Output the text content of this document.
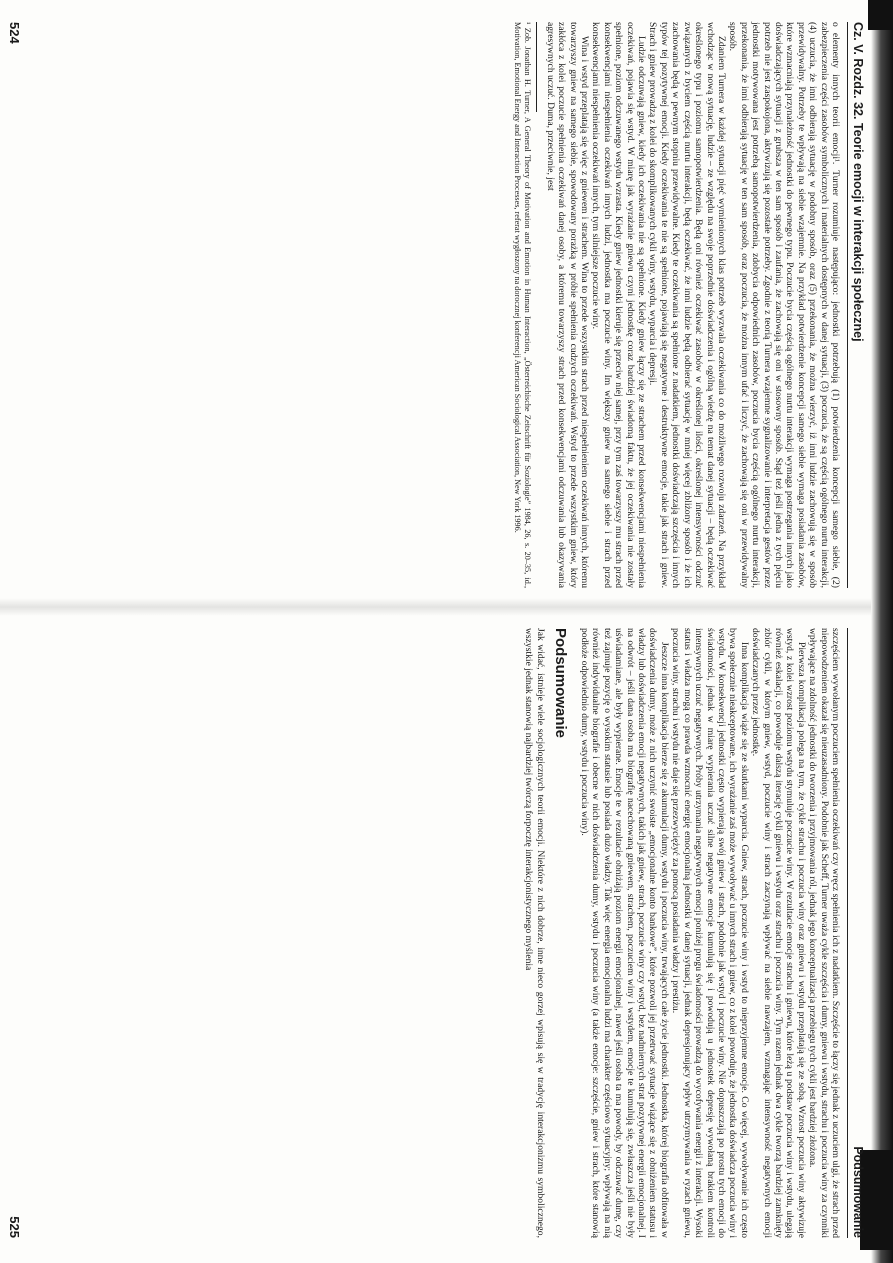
Cz. V. Rozdz. 32. Teorie emocji w interakcji społecznej

o elementy innych teorii emocji¹. Turner rozumiuje następująco: jednostki potrzebują (1) potwierdzenia koncepcji samego siebie, (2) zabezpieczenia części zasobów symbolicznych i materialnych dostępnych w danej sytuacji, (3) poczucia, że są częścią ogólnego nurtu interakcji, (4) uczucia, że inni odbierają sytuację w podobny sposób, oraz (5) przekonania, że można wierzyć, iż inni ludzie zachowują się w sposób przewidywalny. Potrzeby te wpływają na siebie wzajemnie. Na przykład potwierdzenie koncepcji samego siebie wymaga posiadania zasobów, które wzmacniają przynależność jednostki do pewnego typu. Poczucie bycia częścią ogólnego nurtu interakcji wymaga postrzegania innych jako doświadczających sytuacji z grubsza w ten sam sposób i zaufania, że zachowają się oni w stosowny sposób. Stąd też jeśli jedna z tych pięciu potrzeb nie jest zaspokojona, aktywizują się pozostałe potrzeby. Zgodnie z teorią Turnera wzajemne sygnalizowanie i interpretacja gestów przez jednostki motywowana jest potrzebą samopotwierdzenia, zdobycia odpowiednich zasobów, poczucia bycia częścią ogólnego nurtu interakcji, przekonania, że inni odbierają sytuację w ten sam sposób, oraz poczucia, że można innym ufać i liczyć, że zachowają się oni w przewidywalny sposób.

Zdaniem Turnera w każdej sytuacji pięć wymienionych klas potrzeb wyzwala oczekiwania co do możliwego rozwoju zdarzeń. Na przykład wchodząc w nową sytuację, ludzie – ze względu na swoje poprzednie doświadczenia i ogólną wiedzę na temat danej sytuacji – będą oczekiwać określonego typu i poziomu samopotwierdzenia. Będą oni również oczekiwać zasobów w określonej ilości, określonej intensywności odczuć związanych z byciem częścią nurtu interakcji, będą oczekiwać, że inni ludzie będą odbierać sytuację w mniej więcej zbliżony sposób i że ich zachowania będą w pewnym stopniu przewidywalne. Kiedy te oczekiwania są spełnione z nadatkiem, jednostki doświadczają szczęścia i innych typów tej pozytywnej emocji. Kiedy oczekiwania te nie są spełnione, pojawiają się negatywne i destruktywne emocje, takie jak strach i gniew. Strach i gniew prowadzą z kolei do skomplikowanych cykli winy, wstydu, wyparcia i depresji.

Ludzie odczuwają gniew, kiedy ich oczekiwania nie są spełnione. Kiedy gniew łączy się ze strachem przed konsekwencjami niespełnienia oczekiwań, pojawia się wstyd. W miarę jak wyrażanie gniewu czyni jednostkę coraz bardziej świadomą faktu, że jej oczekiwania nie zostały spełnione, poziom odczuwanego wstydu wzrasta. Kiedy gniew jednostki kieruje się przeciw niej samej, przy tym zaś towarzyszy mu strach przed konsekwencjami niespełnienia oczekiwań innych ludzi, jednostka ma poczucie winy. Im większy gniew na samego siebie i strach przed konsekwencjami niespełnienia oczekiwań innych, tym silniejsze poczucie winy.

Wina i wstyd przeplatają się więc z gniewem i strachem. Wina to przede wszystkim strach przed niespełnieniem oczekiwań innych, któremu towarzyszy gniew na samego siebie, spowodowany porażką w próbie spełnienia cudzych oczekiwań. Wstyd to przede wszystkim gniew, który zakłóca z kolei poczucie spełnienia oczekiwań danej osoby, a któremu towarzyszy strach przed konsekwencjami odczuwania lub okazywania agresywnych uczuć. Duma, przeciwnie, jest

¹ Zob. Jonathan H. Turner, A General Theory of Motivation and Emotion in Human Interaction, „Österreichische Zeitschrift für Soziologie” 1984, 26, s. 20–35, id., Motivation, Emotional Energy and Interaction Processes, referat wygłoszony na dorocznej konferencji American Sociological Association, New York 1996.
524
Podsumowanie

szczęściem wywołanym poczuciem spełnienia oczekiwań czy wręcz spełnienia ich z nadatkiem. Szczęście to łączy się jednak z uczuciem ulgi, że strach przed niepowodzeniem okazał się nieuzasadniony. Podobnie jak Scheff, Turner uważa cykle szczęścia i dumy, gniewu i wstydu, strachu i poczucia winy za czynniki wpływające na zdolność jednostki do tworzenia i przyjmowania ról, jednak jego konceptualizacja przebiegu tych cykli jest bardziej złożona.

Pierwsza komplikacja polega na tym, że cykle strachu i poczucia winy oraz gniewu i wstydu przeplatają się ze sobą. Wzrost poczucia winy aktywizuje wstyd, z kolei wzrost poziomu wstydu stymuluje poczucie winy. W rezultacie emocje strachu i gniewu, które leżą u podstaw poczucia winy i wstydu, ulegają również eskalacji, co powoduje dalszą iterację cykli gniewu i wstydu oraz strachu i poczucia winy. Tym razem jednak dwa cykle tworzą bardziej zamknięty zbiór cykli, w którym gniew, wstyd, poczucie winy i strach zaczynają wpływać na siebie nawzajem, wzmagając intensywność negatywnych emocji doświadczanych przez jednostkę.

Inna komplikacja wiąże się ze skutkami wyparcia. Gniew, strach, poczucie winy i wstyd to nieprzyjemne emocje. Co więcej, wywoływanie ich często bywa społecznie nieakceptowane, ich wyrażanie zaś może wywoływać u innych strach i gniew, co z kolei powoduje, że jednostka doświadcza poczucia winy i wstydu. W konsekwencji jednostki często wypierają swój gniew i strach, podobnie jak wstyd i poczucie winy. Nie dopuszczają po prostu tych emocji do świadomości, jednak w miarę wypierania uczuć silne negatywne emocje kumulują się i powodują u jednostek depresję wywołaną brakiem kontroli intensywnych uczuć negatywnych. Próby utrzymania negatywnych emocji poniżej progu świadomości prowadzą do wycofywania energii z interakcji. Wysoki status i władza mogą co prawda wzmocnić energię emocjonalną jednostki w danej sytuacji, jednak depresjonujący wpływ utrzymywania w ryzach gniewu, poczucia winy, strachu i wstydu nie daje się przezwyciężyć za pomocą posiadania władzy i prestiżu.

Jeszcze inna komplikacja bierze się z akumulacji dumy, wstydu i poczucia winy, trwających całe życie jednostki. Jednostka, której biografia obfitowała w doświadczenia dumy, może z nich uczynić swoiste „emocjonalne konto bankowe”, które pozwoli jej przetrwać sytuacje wiążące się z obniżeniem statusu i władzy lub doświadczenia emocji negatywnych, takich jak gniew, strach, poczucie winy czy wstyd, bez nadmiernych strat pozytywnej energii emocjonalnej. I na odwrót – jeśli dana osoba ma biografię nacechowaną gniewem, strachem, poczuciem winy i wstydem, emocje te kumulują się, zwłaszcza jeśli nie były uświadamiane, ale były wypierane. Emocje te w rezultacie obniżają poziom energii emocjonalnej, nawet jeśli osoba ta ma powody, by odczuwać dumę, czy też zajmuje pozycję o wysokim statusie lub posiada dużo władzy. Tak więc energia emocjonalna ludzi ma charakter częściowo sytuacyjny; wpływają na nią również indywidualne biografie i obecne w nich doświadczenia dumy, wstydu i poczucia winy (a także emocje: szczęście, gniew i strach, które stanowią podłoże odpowiednio dumy, wstydu i poczucia winy).

Podsumowanie

Jak widać, istnieje wiele socjologicznych teorii emocji. Niektóre z nich dobrze, inne nieco gorzej wpisują się w tradycję interakcjonizmu symbolicznego, wszystkie jednak stanowią najbardziej twórczą forpocztę interakcjonistycznego myślenia

525
